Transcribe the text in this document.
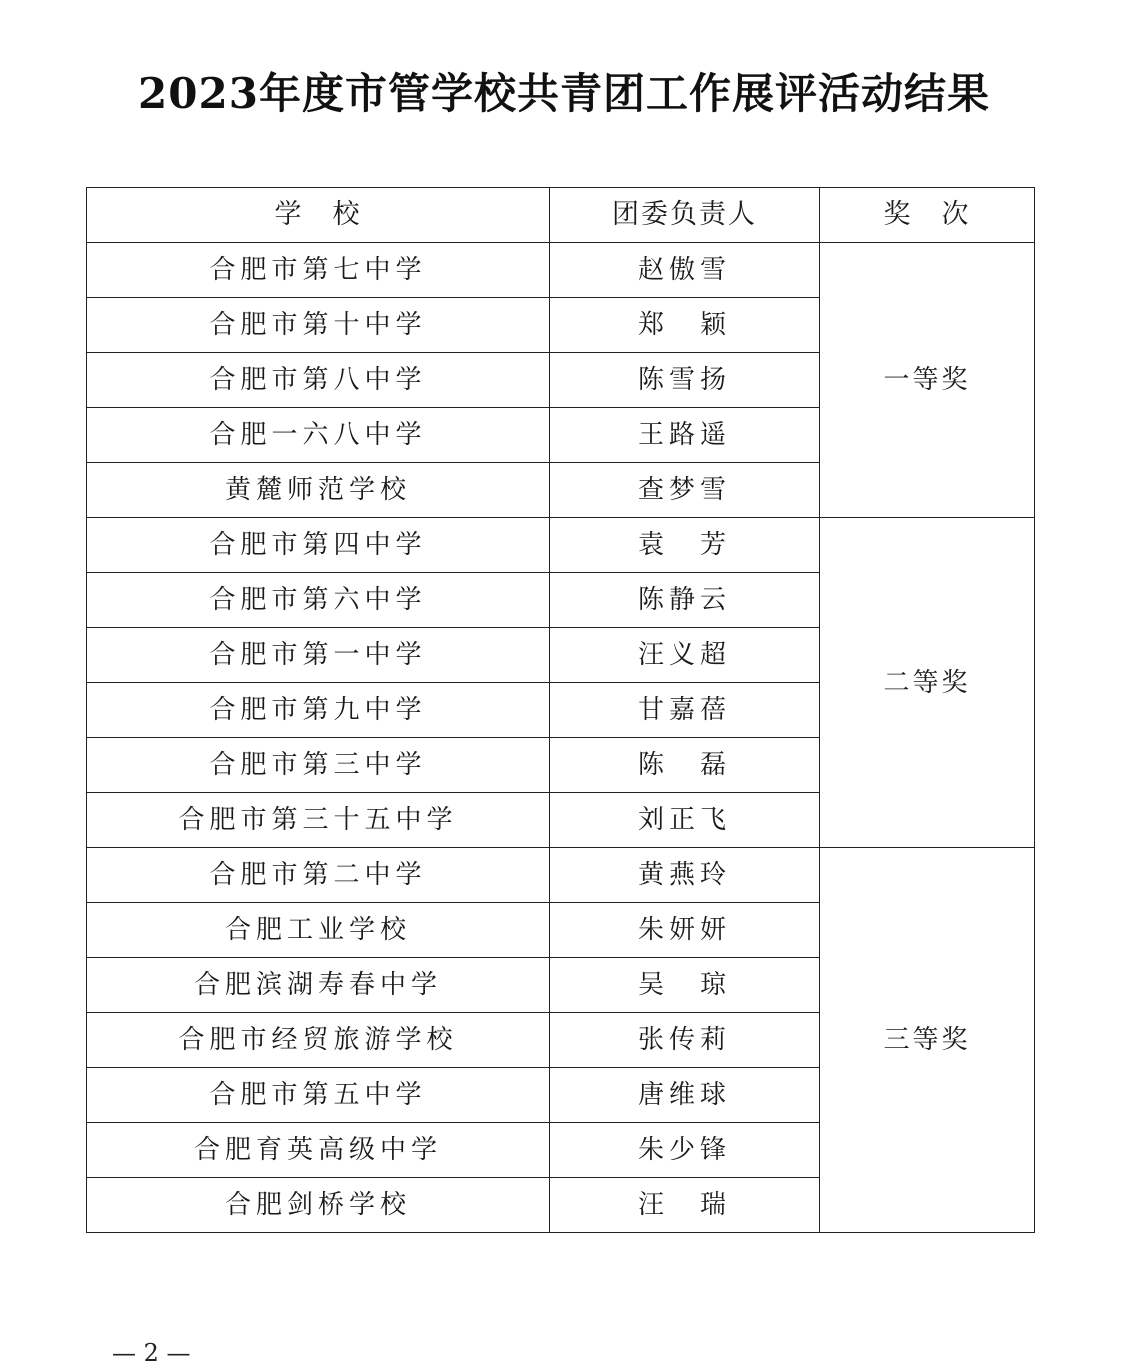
2023年度市管学校共青团工作展评活动结果
学　校	团委负责人	奖　次
合肥市第七中学	赵傲雪	一等奖
合肥市第十中学	郑　颖	
合肥市第八中学	陈雪扬	
合肥一六八中学	王路遥	
黄麓师范学校	查梦雪	
合肥市第四中学	袁　芳	二等奖
合肥市第六中学	陈静云	
合肥市第一中学	汪义超	
合肥市第九中学	甘嘉蓓	
合肥市第三中学	陈　磊	
合肥市第三十五中学	刘正飞	
合肥市第二中学	黄燕玲	三等奖
合肥工业学校	朱妍妍	
合肥滨湖寿春中学	吴　琼	
合肥市经贸旅游学校	张传莉	
合肥市第五中学	唐维球	
合肥育英高级中学	朱少锋	
合肥剑桥学校	汪　瑞	
— 2 —
